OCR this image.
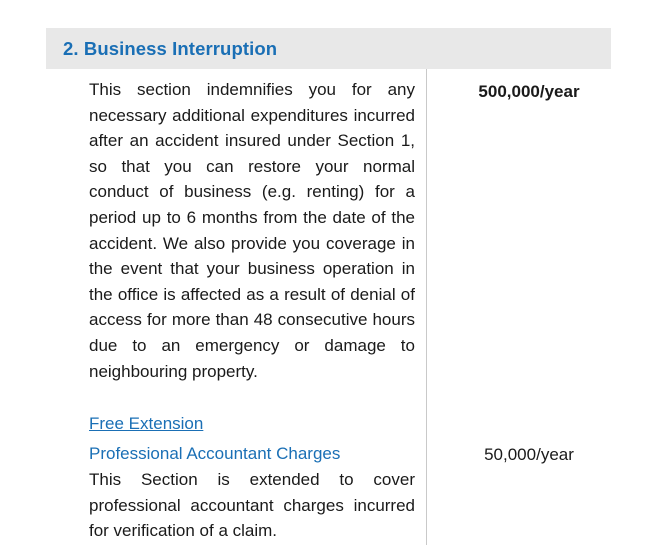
2. Business Interruption
This section indemnifies you for any necessary additional expenditures incurred after an accident insured under Section 1, so that you can restore your normal conduct of business (e.g. renting) for a period up to 6 months from the date of the accident. We also provide you coverage in the event that your business operation in the office is affected as a result of denial of access for more than 48 consecutive hours due to an emergency or damage to neighbouring property.
500,000/year
Free Extension
Professional Accountant Charges
This Section is extended to cover professional accountant charges incurred for verification of a claim.
50,000/year
